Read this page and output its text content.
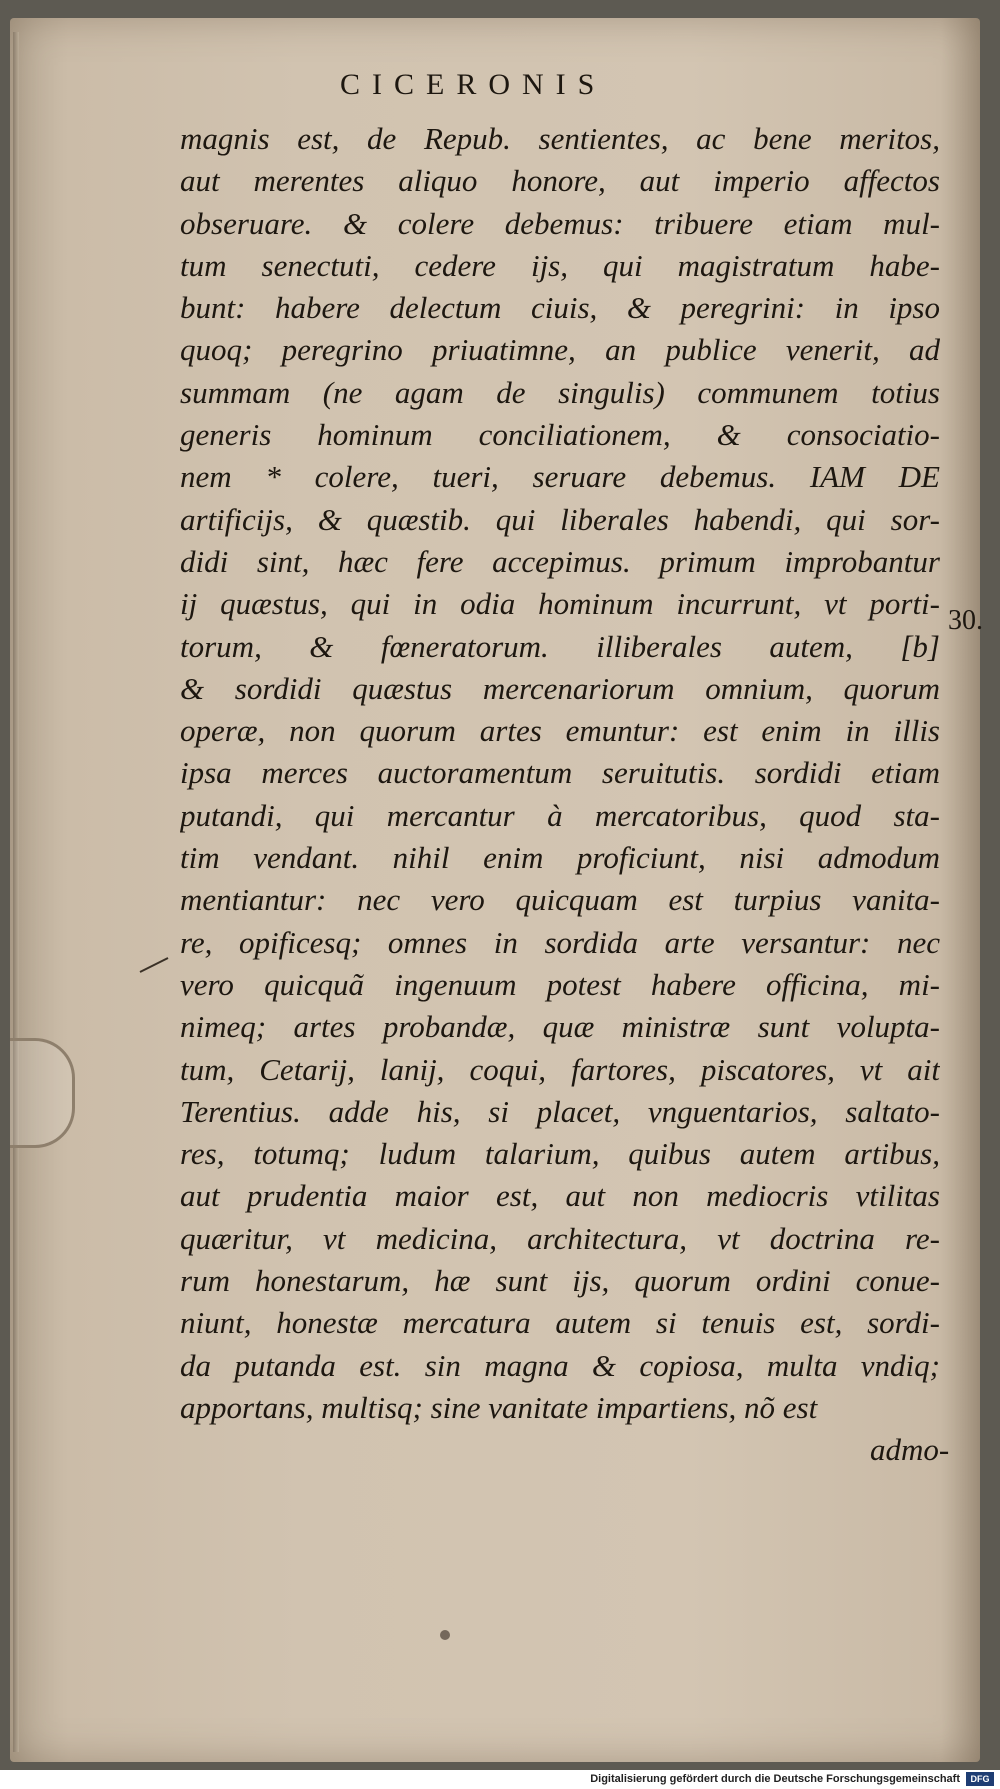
CICERONIS
magnis est, de Repub. sentientes, ac bene meritos,
aut merentes aliquo honore, aut imperio affectos
obseruare. & colere debemus: tribuere etiam mul-
tum senectuti, cedere ijs, qui magistratum habe-
bunt: habere delectum ciuis, & peregrini: in ipso
quoq; peregrino priuatimne, an publice venerit, ad
summam (ne agam de singulis) communem totius
generis hominum conciliationem, & consociatio-
nem * colere, tueri, seruare debemus. IAM DE
artificijs, & quæstib. qui liberales habendi, qui sor-
didi sint, hæc fere accepimus. primum improbantur
ij quæstus, qui in odia hominum incurrunt, vt porti-
torum, & fœneratorum. illiberales autem, [b]
& sordidi quæstus mercenariorum omnium, quorum
operæ, non quorum artes emuntur: est enim in illis
ipsa merces auctoramentum seruitutis. sordidi etiam
putandi, qui mercantur à mercatoribus, quod sta-
tim vendant. nihil enim proficiunt, nisi admodum
mentiantur: nec vero quicquam est turpius vanita-
re, opificesq; omnes in sordida arte versantur: nec
vero quicquã ingenuum potest habere officina, mi-
nimeq; artes probandæ, quæ ministræ sunt volupta-
tum, Cetarij, lanij, coqui, fartores, piscatores, vt ait
Terentius. adde his, si placet, vnguentarios, saltato-
res, totumq; ludum talarium, quibus autem artibus,
aut prudentia maior est, aut non mediocris vtilitas
quæritur, vt medicina, architectura, vt doctrina re-
rum honestarum, hæ sunt ijs, quorum ordini conue-
niunt, honestæ mercatura autem si tenuis est, sordi-
da putanda est. sin magna & copiosa, multa vndiq;
apportans, multisq; sine vanitate impartiens, nõ est
30.
admo-
Digitalisierung gefördert durch die Deutsche Forschungsgemeinschaft	DFG
